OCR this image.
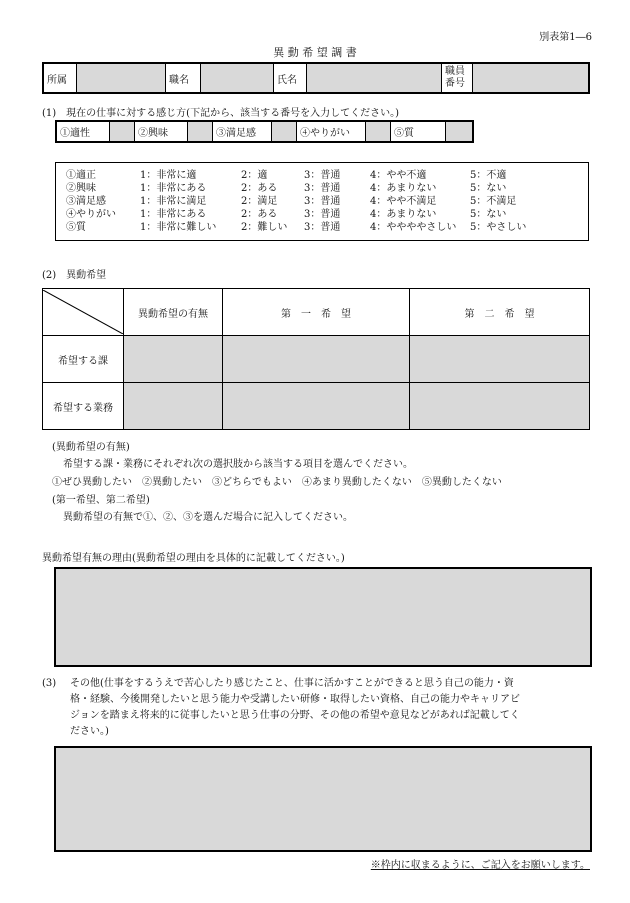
別表第1―6
異 動 希 望 調 書
所属		職名		氏名		職員
番号	
(1)　現在の仕事に対する感じ方(下記から、該当する番号を入力してください。)
①適性		②興味		③満足感		④やりがい		⑤質	
①適正	1：非常に適	2：適	3：普通	4：やや不適	5：不適
②興味	1：非常にある	2：ある	3：普通	4：あまりない	5：ない
③満足感	1：非常に満足	2：満足	3：普通	4：やや不満足	5：不満足
④やりがい	1：非常にある	2：ある	3：普通	4：あまりない	5：ない
⑤質	1：非常に難しい	2：難しい	3：普通	4：ややややさしい	5：やさしい
(2)　異動希望
	異動希望の有無	第　一　希　望	第　二　希　望
希望する課			
希望する業務			
(異動希望の有無)
希望する課・業務にそれぞれ次の選択肢から該当する項目を選んでください。
①ぜひ異動したい　②異動したい　③どちらでもよい　④あまり異動したくない　⑤異動したくない
(第一希望、第二希望)
異動希望の有無で①、②、③を選んだ場合に記入してください。
異動希望有無の理由(異動希望の理由を具体的に記載してください。)
(3) その他(仕事をするうえで苦心したり感じたこと、仕事に活かすことができると思う自己の能力・資
格・経験、今後開発したいと思う能力や受講したい研修・取得したい資格、自己の能力やキャリアビ
ジョンを踏まえ将来的に従事したいと思う仕事の分野、その他の希望や意見などがあれば記載してく
ださい。)
※枠内に収まるように、ご記入をお願いします。
